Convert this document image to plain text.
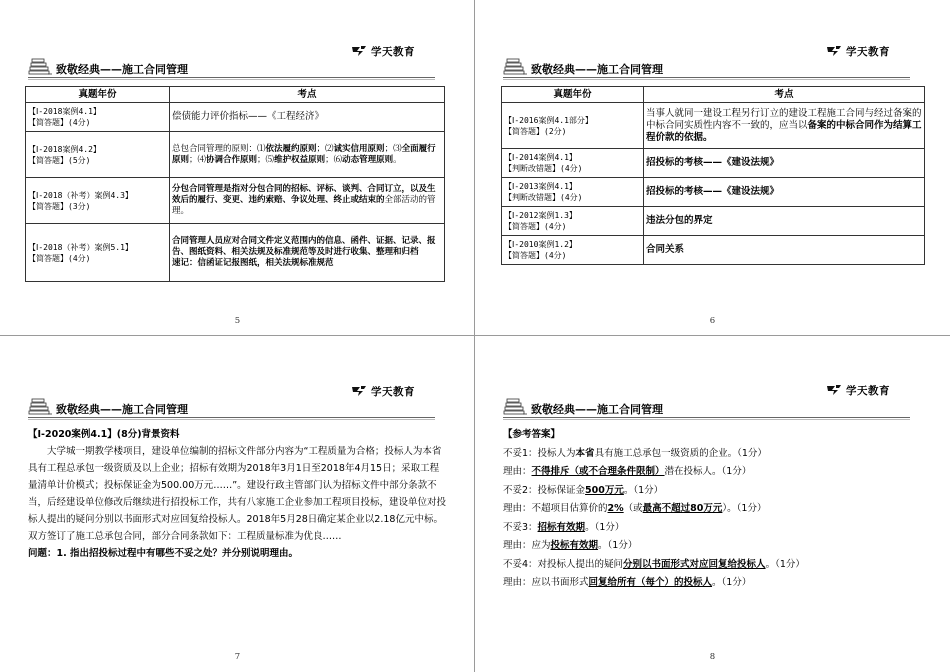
学天教育
致敬经典——施工合同管理
真题年份	考点
【Ⅰ-2018案例4.1】
【简答题】(4分)	偿债能力评价指标——《工程经济》
【Ⅰ-2018案例4.2】
【简答题】(5分)	总包合同管理的原则：⑴依法履约原则；⑵诚实信用原则；⑶全面履行原则；⑷协调合作原则；⑸维护权益原则；⑹动态管理原则。
【Ⅰ-2018（补考）案例4.3】
【简答题】(3分)	分包合同管理是指对分包合同的招标、评标、谈判、合同订立，以及生效后的履行、变更、违约索赔、争议处理、终止或结束的全部活动的管理。
【Ⅰ-2018（补考）案例5.1】
【简答题】(4分)	合同管理人员应对合同文件定义范围内的信息、函件、证据、记录、报告、图纸资料、相关法规及标准规范等及时进行收集、整理和归档
速记：信函证记报图纸，相关法规标准规范
5
学天教育
致敬经典——施工合同管理
真题年份	考点
【Ⅰ-2016案例4.1部分】
【简答题】(2分)	当事人就同一建设工程另行订立的建设工程施工合同与经过备案的中标合同实质性内容不一致的，应当以备案的中标合同作为结算工程价款的依据。
【Ⅰ-2014案例4.1】
【判断改错题】(4分)	招投标的考核——《建设法规》
【Ⅰ-2013案例4.1】
【判断改错题】(4分)	招投标的考核——《建设法规》
【Ⅰ-2012案例1.3】
【简答题】(4分)	违法分包的界定
【Ⅰ-2010案例1.2】
【简答题】(4分)	合同关系
6
学天教育
致敬经典——施工合同管理

【Ⅰ-2020案例4.1】(8分)背景资料

大学城一期教学楼项目，建设单位编制的招标文件部分内容为“工程质量为合格；投标人为本省具有工程总承包一级资质及以上企业；招标有效期为2018年3月1日至2018年4月15日；采取工程量清单计价模式；投标保证金为500.00万元……”。建设行政主管部门认为招标文件中部分条款不当，后经建设单位修改后继续进行招投标工作，共有八家施工企业参加工程项目投标，建设单位对投标人提出的疑问分别以书面形式对应回复给投标人。2018年5月28日确定某企业以2.18亿元中标。双方签订了施工总承包合同，部分合同条款如下：工程质量标准为优良……

问题：1. 指出招投标过程中有哪些不妥之处？并分别说明理由。

7
学天教育
致敬经典——施工合同管理

【参考答案】

不妥1：投标人为本省具有施工总承包一级资质的企业。（1分）

理由：不得排斥（或不合理条件限制）潜在投标人。（1分）

不妥2：投标保证金500万元。（1分）

理由：不超项目估算价的2%（或最高不超过80万元）。（1分）

不妥3：招标有效期。（1分）

理由：应为投标有效期。（1分）

不妥4：对投标人提出的疑问分别以书面形式对应回复给投标人。（1分）

理由：应以书面形式回复给所有（每个）的投标人。（1分）

8
